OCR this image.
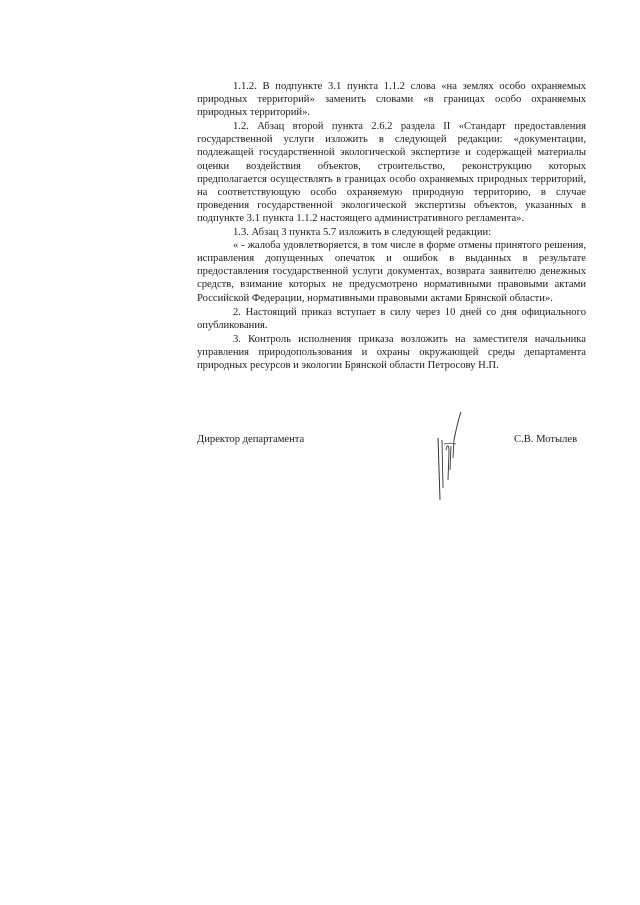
1.1.2. В подпункте 3.1 пункта 1.1.2 слова «на землях особо охраняемых природных территорий» заменить словами «в границах особо охраняемых природных территорий».

1.2. Абзац второй пункта 2.6.2 раздела II «Стандарт предоставления государственной услуги изложить в следующей редакции: «документации, подлежащей государственной экологической экспертизе и содержащей материалы оценки воздействия объектов, строительство, реконструкцию которых предполагается осуществлять в границах особо охраняемых природных территорий, на соответствующую особо охраняемую природную территорию, в случае проведения государственной экологической экспертизы объектов, указанных в подпункте 3.1 пункта 1.1.2 настоящего административного регламента».

1.3. Абзац 3 пункта 5.7 изложить в следующей редакции:

« - жалоба удовлетворяется, в том числе в форме отмены принятого решения, исправления допущенных опечаток и ошибок в выданных в результате предоставления государственной услуги документах, возврата заявителю денежных средств, взимание которых не предусмотрено нормативными правовыми актами Российской Федерации, нормативными правовыми актами Брянской области».

2. Настоящий приказ вступает в силу через 10 дней со дня официального опубликования.

3. Контроль исполнения приказа возложить на заместителя начальника управления природопользования и охраны окружающей среды департамента природных ресурсов и экологии Брянской области Петросову Н.П.

Директор департамента	С.В. Мотылев
